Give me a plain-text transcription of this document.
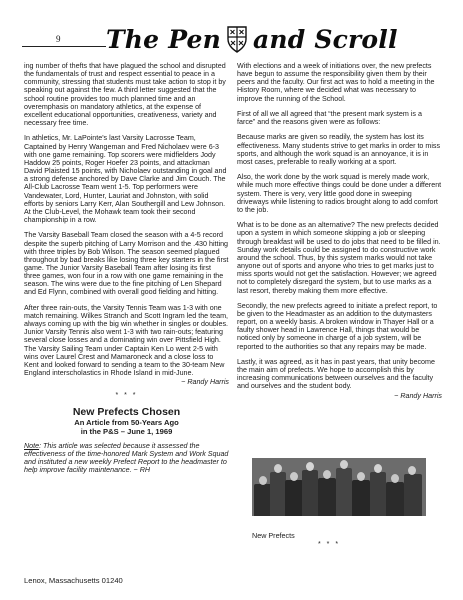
9 The Pen and Scroll

ing number of thefts that have plagued the school and disrupted the fundamentals of trust and respect essential to peace in a community, stressing that students must take action to stop it by speaking out against the few. A third letter suggested that the school routine provides too much planned time and an overemphasis on mandatory athletics, at the expense of excellent educational opportunities, creativeness, variety and necessary free time.

In athletics, Mr. LaPointe's last Varsity Lacrosse Team, Captained by Henry Wangeman and Fred Nicholaev were 6-3 with one game remaining. Top scorers were midfielders Jody Haddow 25 points, Roger Hoefer 23 points, and attackman David Plaisted 15 points, with Nicholaev outstanding in goal and a strong defense anchored by Dave Clarke and Jim Couch. The All-Club Lacrosse Team went 1-5. Top performers were Vandewater, Lord, Hunter, Lauriat and Johnston, with solid efforts by seniors Larry Kerr, Alan Southergill and Lew Johnson. At the Club-Level, the Mohawk team took their second championship in a row.

The Varsity Baseball Team closed the season with a 4-5 record despite the superb pitching of Larry Morrison and the .430 hitting with three triples by Bob Wilson. The season seemed plagued throughout by bad breaks like losing three key starters in the first game. The Junior Varsity Baseball Team after losing its first three games, won four in a row with one game remaining in the season. The wins were due to the fine pitching of Len Shepard and Ed Flynn, combined with overall good fielding and hitting.

After three rain-outs, the Varsity Tennis Team was 1-3 with one match remaining. Wilkes Stranch and Scott Ingram led the team, always coming up with the big win whether in singles or doubles. Junior Varsity Tennis also went 1-3 with two rain-outs; featuring several close losses and a dominating win over Pittsfield High. The Varsity Sailing Team under Captain Ken Lo went 2-5 with wins over Laurel Crest and Mamaroneck and a close loss to Kent and looked forward to sending a team to the 30-team New England interscholastics in Rhode Island in mid-June.

~ Randy Harris
* * *
New Prefects Chosen
An Article from 50-Years Ago
in the P&S – June 1, 1969

Note: This article was selected because it assessed the effectiveness of the time-honored Mark System and Work Squad and instituted a new weekly Prefect Report to the headmaster to help improve facility maintenance. ~ RH

Lenox, Massachusetts 01240

With elections and a week of initiations over, the new prefects have begun to assume the responsibility given them by their peers and the faculty. Our first act was to hold a meeting in the History Room, where we decided what was necessary to improve the running of the School.

First of all we all agreed that “the present mark system is a farce” and the reasons given were as follows:

Because marks are given so readily, the system has lost its effectiveness. Many students strive to get marks in order to miss sports, and although the work squad is an annoyance, it is in most cases, preferable to really working at a sport.

Also, the work done by the work squad is merely made work, while much more effective things could be done under a different system. There is very, very little good done in sweeping driveways while listening to radios brought along to add comfort to the job.

What is to be done as an alternative? The new prefects decided upon a system in which someone skipping a job or sleeping through breakfast will be used to do jobs that need to be filled in. Sunday work details could be assigned to do constructive work around the school. Thus, by this system marks would not take anyone out of sports and anyone who tries to get marks just to miss sports would not get the satisfaction. However; we agreed not to completely disregard the system, but to use marks as a last resort, thereby making them more effective.

Secondly, the new prefects agreed to initiate a prefect report, to be given to the Headmaster as an addition to the dutymasters report, on a weekly basis. A broken window in Thayer Hall or a faulty shower head in Lawrence Hall, things that would be noticed only by someone in charge of a job system, will be reported to the authorities so that any repairs may be made.

Lastly, it was agreed, as it has in past years, that unity become the main aim of prefects. We hope to accomplish this by increasing communications between ourselves and the faculty and ourselves and the student body.

~ Randy Harris
New Prefects
* * *
